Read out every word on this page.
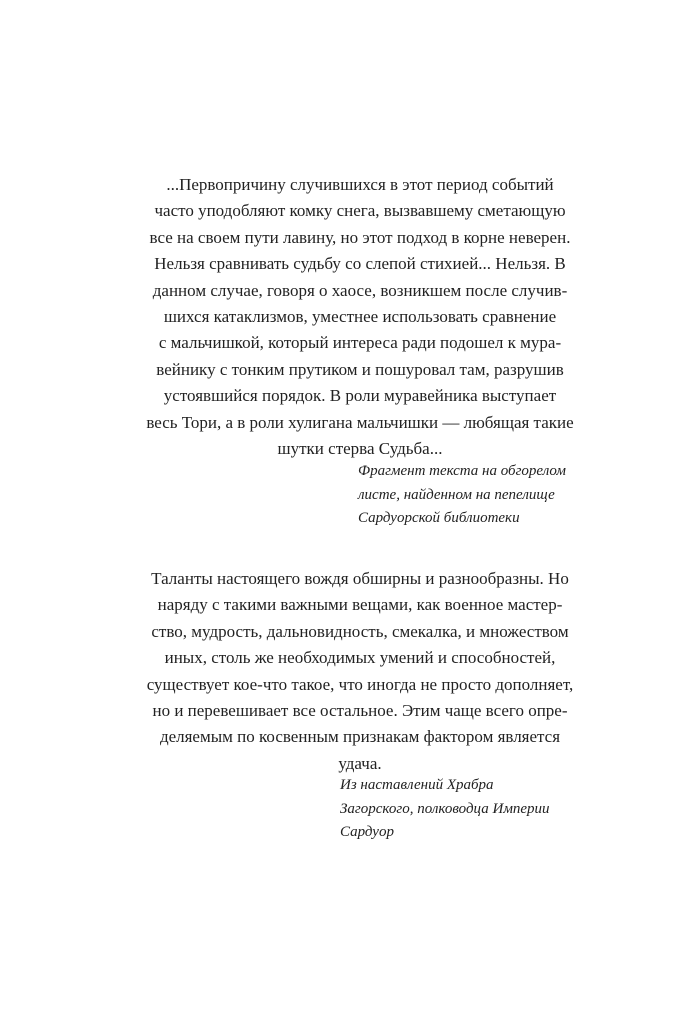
...Первопричину случившихся в этот период событий
часто уподобляют комку снега, вызвавшему сметающую
все на своем пути лавину, но этот подход в корне неверен.
Нельзя сравнивать судьбу со слепой стихией... Нельзя. В
данном случае, говоря о хаосе, возникшем после случив-
шихся катаклизмов, уместнее использовать сравнение
с мальчишкой, который интереса ради подошел к мура-
вейнику с тонким прутиком и пошуровал там, разрушив
устоявшийся порядок. В роли муравейника выступает
весь Тори, а в роли хулигана мальчишки — любящая такие
шутки стерва Судьба...

Фрагмент текста на обгорелом
листе, найденном на пепелище
Сардуорской библиотеки

Таланты настоящего вождя обширны и разнообразны. Но
наряду с такими важными вещами, как военное мастер-
ство, мудрость, дальновидность, смекалка, и множеством
иных, столь же необходимых умений и способностей,
существует кое-что такое, что иногда не просто дополняет,
но и перевешивает все остальное. Этим чаще всего опре-
деляемым по косвенным признакам фактором является
удача.

Из наставлений Храбра
Загорского, полководца Империи
Сардуор
